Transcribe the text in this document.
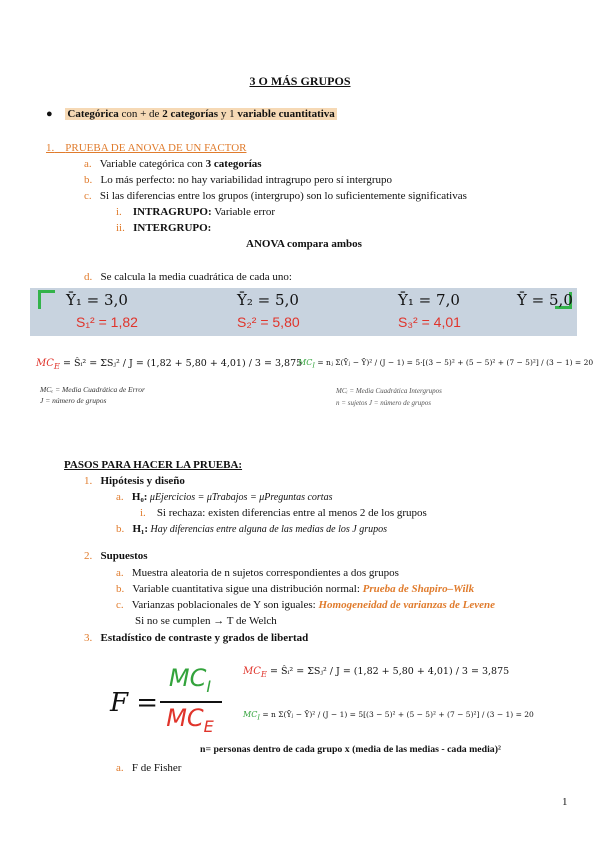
3 O MÁS GRUPOS
● Categórica con + de 2 categorías y 1 variable cuantitativa
1. PRUEBA DE ANOVA DE UN FACTOR
a. Variable categórica con 3 categorías
b. Lo más perfecto: no hay variabilidad intragrupo pero sí intergrupo
c. Si las diferencias entre los grupos (intergrupo) son lo suficientemente significativas
i. INTRAGRUPO: Variable error
ii. INTERGRUPO:
ANOVA compara ambos
d. Se calcula la media cuadrática de cada uno:
Ȳ₁ = 3,0	Ȳ₂ = 5,0	Ȳ₁ = 7,0	Ȳ = 5,0
S₁² = 1,82	S₂² = 5,80	S₃² = 4,01
$MC_E$ = Ŝᵢ² = ΣSⱼ² / J = (1,82 + 5,80 + 4,01) / 3 = 3,875
MCₑ = Media Cuadrática de Error
J = número de grupos
$MC_I$ = nⱼ Σ(Ȳⱼ − Ȳ)² / (J − 1) = 5·[(3 − 5)² + (5 − 5)² + (7 − 5)²] / (3 − 1) = 20
MCᵢ = Media Cuadrática Intergrupos
n = sujetos J = número de grupos
PASOS PARA HACER LA PRUEBA:
1. Hipótesis y diseño
a. H₀: μEjercicios = μTrabajos = μPreguntas cortas
i. Si rechaza: existen diferencias entre al menos 2 de los grupos
b. H₁: Hay diferencias entre alguna de las medias de los J grupos
2. Supuestos
a. Muestra aleatoria de n sujetos correspondientes a dos grupos
b. Variable cuantitativa sigue una distribución normal: Prueba de Shapiro–Wilk
c. Varianzas poblacionales de Y son iguales: Homogeneidad de varianzas de Levene
Si no se cumplen → T de Welch
3. Estadístico de contraste y grados de libertad
F =
$MC_I$
$MC_E$
$MC_E$ = Ŝᵢ² = ΣSⱼ² / J = (1,82 + 5,80 + 4,01) / 3 = 3,875
$MC_I = n$ Σ(Ȳⱼ − Ȳ)² / (J − 1) = 5[(3 − 5)² + (5 − 5)² + (7 − 5)²] / (3 − 1) = 20
n= personas dentro de cada grupo x (media de las medias - cada media)²
a. F de Fisher
1
